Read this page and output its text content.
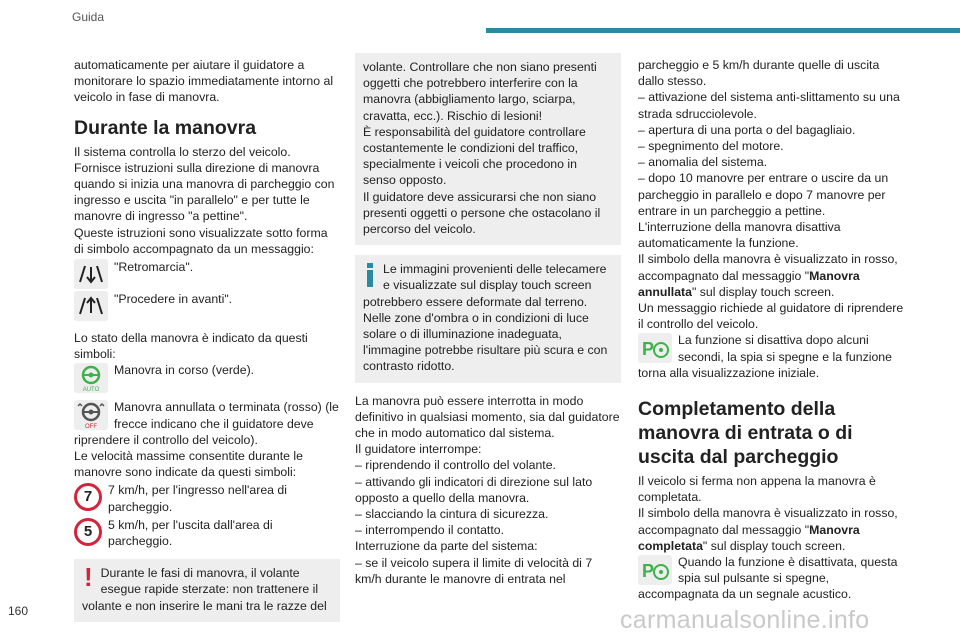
Guida

automaticamente per aiutare il guidatore a monitorare lo spazio immediatamente intorno al veicolo in fase di manovra.

Durante la manovra

Il sistema controlla lo sterzo del veicolo.

Fornisce istruzioni sulla direzione di manovra quando si inizia una manovra di parcheggio con ingresso e uscita "in parallelo" e per tutte le manovre di ingresso "a pettine".

Queste istruzioni sono visualizzate sotto forma di simbolo accompagnato da un messaggio:

"Retromarcia".
"Procedere in avanti".

Lo stato della manovra è indicato da questi simboli:

AUTO

Manovra in corso (verde).

OFF

Manovra annullata o terminata (rosso) (le frecce indicano che il guidatore deve riprendere il controllo del veicolo).

Le velocità massime consentite durante le manovre sono indicate da questi simboli:

7	7 km/h, per l'ingresso nell'area di parcheggio.

5	5 km/h, per l'uscita dall'area di parcheggio.

! Durante le fasi di manovra, il volante esegue rapide sterzate: non trattenere il volante e non inserire le mani tra le razze del

volante. Controllare che non siano presenti oggetti che potrebbero interferire con la manovra (abbigliamento largo, sciarpa, cravatta, ecc.). Rischio di lesioni!

È responsabilità del guidatore controllare costantemente le condizioni del traffico, specialmente i veicoli che procedono in senso opposto.

Il guidatore deve assicurarsi che non siano presenti oggetti o persone che ostacolano il percorso del veicolo.

Le immagini provenienti delle telecamere e visualizzate sul display touch screen potrebbero essere deformate dal terreno.

Nelle zone d'ombra o in condizioni di luce solare o di illuminazione inadeguata, l'immagine potrebbe risultare più scura e con contrasto ridotto.

La manovra può essere interrotta in modo definitivo in qualsiasi momento, sia dal guidatore che in modo automatico dal sistema.

Il guidatore interrompe:

– riprendendo il controllo del volante.

– attivando gli indicatori di direzione sul lato opposto a quello della manovra.

– slacciando la cintura di sicurezza.

– interrompendo il contatto.

Interruzione da parte del sistema:

– se il veicolo supera il limite di velocità di 7 km/h durante le manovre di entrata nel

parcheggio e 5 km/h durante quelle di uscita dallo stesso.

– attivazione del sistema anti-slittamento su una strada sdrucciolevole.

– apertura di una porta o del bagagliaio.

– spegnimento del motore.

– anomalia del sistema.

– dopo 10 manovre per entrare o uscire da un parcheggio in parallelo e dopo 7 manovre per entrare in un parcheggio a pettine.

L'interruzione della manovra disattiva automaticamente la funzione.

Il simbolo della manovra è visualizzato in rosso, accompagnato dal messaggio "Manovra annullata" sul display touch screen.

Un messaggio richiede al guidatore di riprendere il controllo del veicolo.

P	La funzione si disattiva dopo alcuni secondi, la spia si spegne e la funzione torna alla visualizzazione iniziale.

Completamento della manovra di entrata o di uscita dal parcheggio

Il veicolo si ferma non appena la manovra è completata.

Il simbolo della manovra è visualizzato in rosso, accompagnato dal messaggio "Manovra completata" sul display touch screen.

P	Quando la funzione è disattivata, questa spia sul pulsante si spegne, accompagnata da un segnale acustico.

160	carmanualsonline.info
